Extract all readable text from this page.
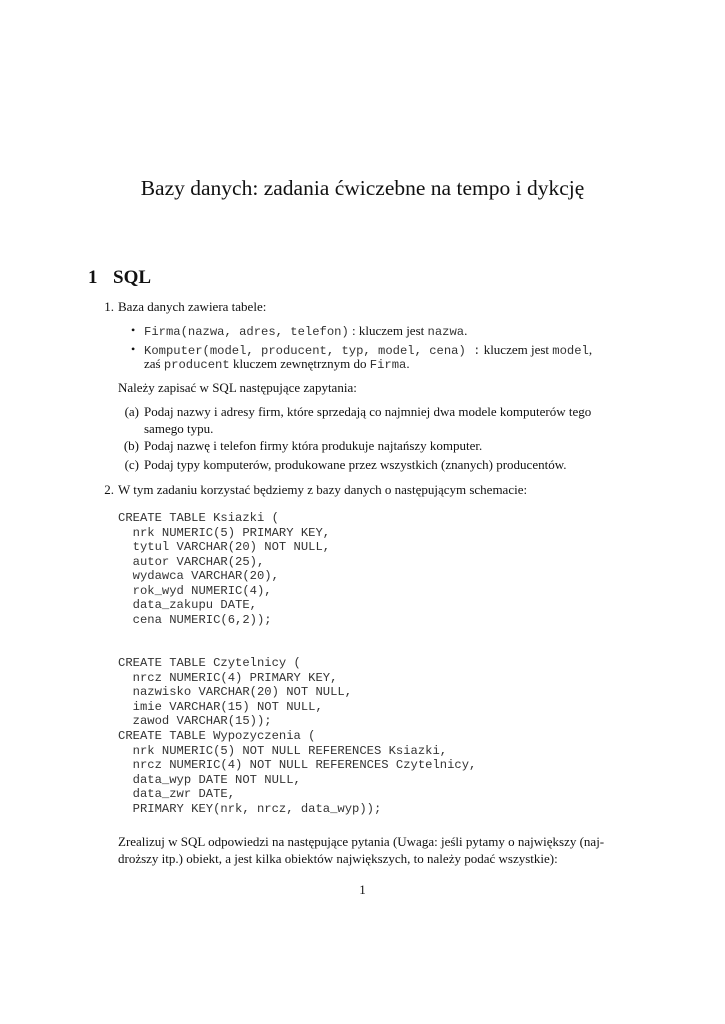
Bazy danych: zadania ćwiczebne na tempo i dykcję
1 SQL
1. Baza danych zawiera tabele:
• Firma(nazwa, adres, telefon) : kluczem jest nazwa.
• Komputer(model, producent, typ, model, cena) : kluczem jest model,
zaś producent kluczem zewnętrznym do Firma.
Należy zapisać w SQL następujące zapytania:
(a) Podaj nazwy i adresy firm, które sprzedają co najmniej dwa modele komputerów tego samego typu.
(b) Podaj nazwę i telefon firmy która produkuje najtańszy komputer.
(c) Podaj typy komputerów, produkowane przez wszystkich (znanych) producentów.
2. W tym zadaniu korzystać będziemy z bazy danych o następującym schemacie:
CREATE TABLE Ksiazki (
nrk NUMERIC(5) PRIMARY KEY,
tytul VARCHAR(20) NOT NULL,
autor VARCHAR(25),
wydawca VARCHAR(20),
rok_wyd NUMERIC(4),
data_zakupu DATE,
cena NUMERIC(6,2));
CREATE TABLE Czytelnicy (
nrcz NUMERIC(4) PRIMARY KEY,
nazwisko VARCHAR(20) NOT NULL,
imie VARCHAR(15) NOT NULL,
zawod VARCHAR(15));
CREATE TABLE Wypozyczenia (
nrk NUMERIC(5) NOT NULL REFERENCES Ksiazki,
nrcz NUMERIC(4) NOT NULL REFERENCES Czytelnicy,
data_wyp DATE NOT NULL,
data_zwr DATE,
PRIMARY KEY(nrk, nrcz, data_wyp));
Zrealizuj w SQL odpowiedzi na następujące pytania (Uwaga: jeśli pytamy o największy (naj-
droższy itp.) obiekt, a jest kilka obiektów największych, to należy podać wszystkie):
1
